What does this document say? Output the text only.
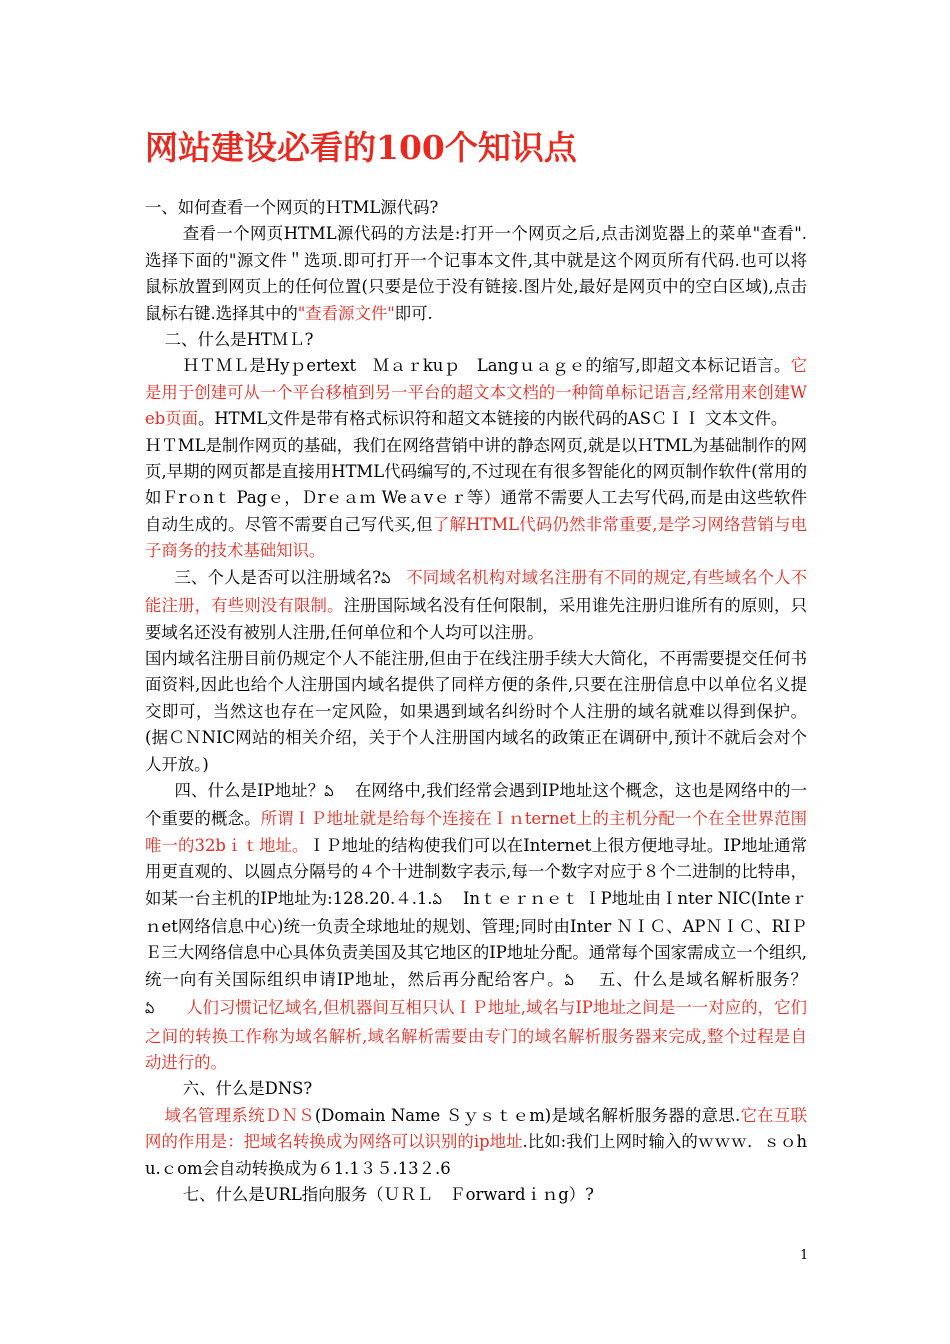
网站建设必看的100个知识点

一、如何查看一个网页的ＨTML源代码?

查看一个网页HTML源代码的方法是:打开一个网页之后,点击浏览器上的菜单"查看".选择下面的"源文件＂选项.即可打开一个记事本文件,其中就是这个网页所有代码.也可以将鼠标放置到网页上的任何位置(只要是位于没有链接.图片处,最好是网页中的空白区域),点击鼠标右键.选择其中的"查看源文件"即可.

二、什么是HTＭＬ?

ＨＴＭＬ是Hyｐertext　Ｍａｒkuｐ　Langｕａｇｅ的缩写,即超文本标记语言。它是用于创建可从一个平台移植到另一平台的超文本文档的一种简单标记语言,经常用来创建Web页面。HTML文件是带有格式标识符和超文本链接的内嵌代码的ASＣＩＩ 文本文件。

ＨＴML是制作网页的基础，我们在网络营销中讲的静态网页,就是以ＨTML为基础制作的网页,早期的网页都是直接用HTML代码编写的,不过现在有很多智能化的网页制作软件(常用的如Ｆrｏnｔ Pagｅ，Ｄrｅａｍ Weａvｅｒ等）通常不需要人工去写代码,而是由这些软件自动生成的。尽管不需要自己写代买,但了解HTML代码仍然非常重要,是学习网络营销与电子商务的技术基础知识。

三、个人是否可以注册域名?ఏ 不同域名机构对域名注册有不同的规定,有些域名个人不能注册，有些则没有限制。注册国际域名没有任何限制，采用谁先注册归谁所有的原则，只要域名还没有被别人注册,任何单位和个人均可以注册。

国内域名注册目前仍规定个人不能注册,但由于在线注册手续大大简化，不再需要提交任何书面资料,因此也给个人注册国内域名提供了同样方便的条件,只要在注册信息中以单位名义提交即可，当然这也存在一定风险，如果遇到域名纠纷时个人注册的域名就难以得到保护。(据ＣＮNIC网站的相关介绍，关于个人注册国内域名的政策正在调研中,预计不就后会对个人开放。)

四、什么是IP地址？ఏ 在网络中,我们经常会遇到IP地址这个概念，这也是网络中的一个重要的概念。所谓ＩＰ地址就是给每个连接在Ｉｎternet上的主机分配一个在全世界范围唯一的32bｉｔ地址。ＩＰ地址的结构使我们可以在Internet上很方便地寻址。IP地址通常用更直观的、以圆点分隔号的４个十进制数字表示,每一个数字对应于８个二进制的比特串，如某一台主机的IP地址为:128.20.４.1.ఏ Inｔｅｒｎｅｔ ＩP地址由Ｉnter NIC(Inteｒｎet网络信息中心)统一负责全球地址的规划、管理;同时由Inter ＮＩＣ、APＮＩＣ、RIＰＥ三大网络信息中心具体负责美国及其它地区的IP地址分配。通常每个国家需成立一个组织,统一向有关国际组织申请IP地址，然后再分配给客户。ఏ 五、什么是域名解析服务？ఏ 人们习惯记忆域名,但机器间互相只认ＩＰ地址,域名与IP地址之间是一一对应的，它们之间的转换工作称为域名解析,域名解析需要由专门的域名解析服务器来完成,整个过程是自动进行的。

六、什么是DNS?

域名管理系统ＤＮＳ(Domain Name Ｓｙｓｔｅm)是域名解析服务器的意思.它在互联网的作用是：把域名转换成为网络可以识别的ip地址.比如:我们上网时输入的ｗｗｗ．ｓｏhu.ｃom会自动转换成为６1.1３５.13２.6

七、什么是URL指向服务（ＵＲＬ　Ｆorwardｉｎg）?

1
